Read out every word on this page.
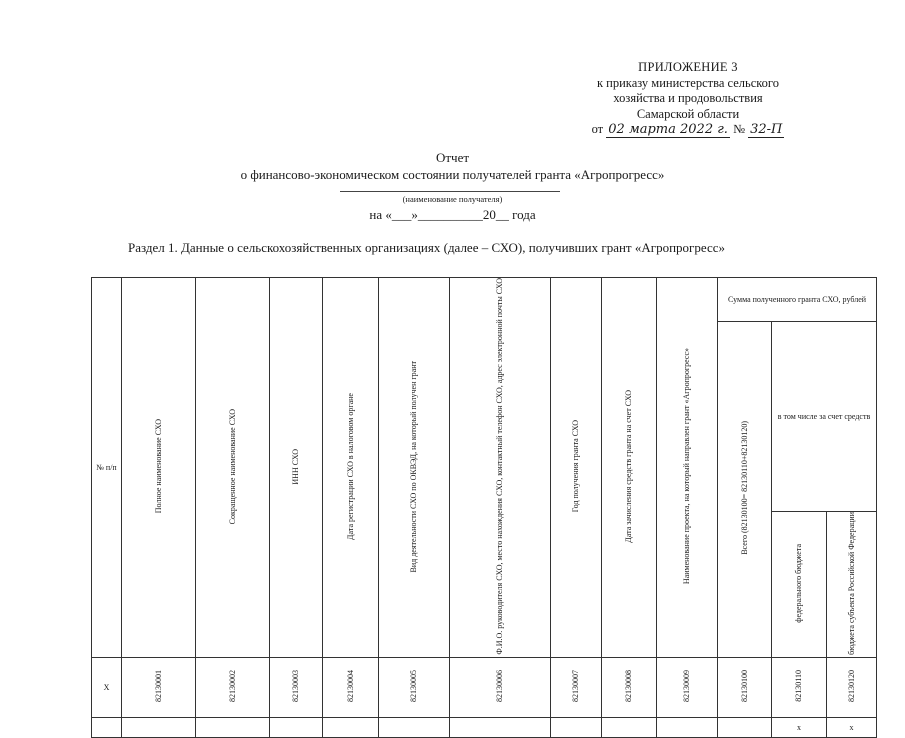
ПРИЛОЖЕНИЕ 3
к приказу министерства сельского
хозяйства и продовольствия
Самарской области
от 02 марта 2022 г. № 32-П
Отчет
о финансово-экономическом состоянии получателей гранта «Агропрогресс»
(наименование получателя)
на «___»__________20__ года
Раздел 1. Данные о сельскохозяйственных организациях (далее – СХО), получивших грант «Агропрогресс»
№ п/п	Полное наименование СХО	Сокращенное наименование СХО	ИНН СХО	Дата регистрации СХО в налоговом органе	Вид деятельности СХО по ОКВЭД, на который получен грант	Ф.И.О. руководителя СХО, место нахождения СХО, контактный телефон СХО, адрес электронной почты СХО	Год получения гранта СХО	Дата зачисления средств гранта на счет СХО	Наименование проекта, на который направлен грант «Агропрогресс»	Сумма полученного гранта СХО, рублей		
										Всего (82130100= 82130110+82130120)	в том числе за счет средств	
											федерального бюджета	бюджета субъекта Российской Федерации
Х	82130001	82130002	82130003	82130004	82130005	82130006	82130007	82130008	82130009	82130100	82130110	82130120
											х	х
